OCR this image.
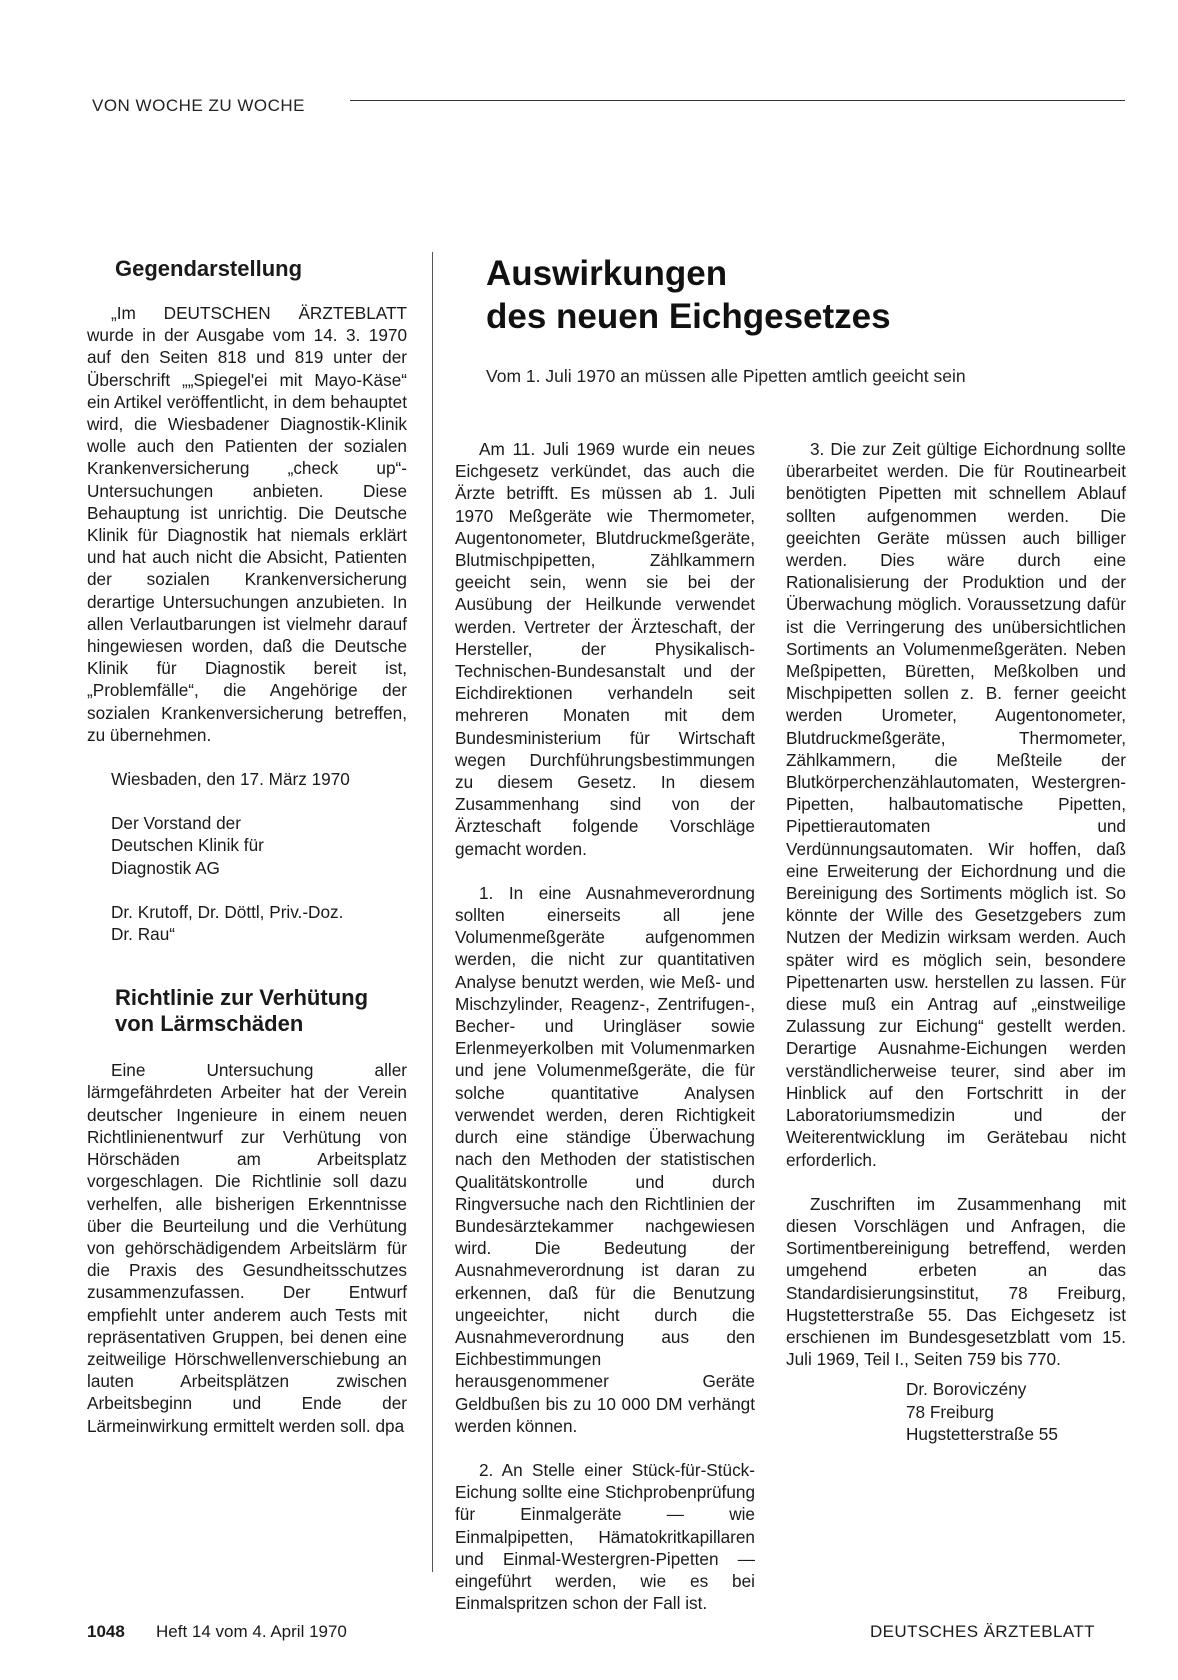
VON WOCHE ZU WOCHE
Gegendarstellung

„Im DEUTSCHEN ÄRZTEBLATT wurde in der Ausgabe vom 14. 3. 1970 auf den Seiten 818 und 819 unter der Überschrift „„Spiegel'ei mit Mayo-Käse“ ein Artikel veröffentlicht, in dem behauptet wird, die Wiesbadener Diagnostik-Klinik wolle auch den Patienten der sozialen Krankenversicherung „check up“-Untersuchungen anbieten. Diese Behauptung ist unrichtig. Die Deutsche Klinik für Diagnostik hat niemals erklärt und hat auch nicht die Absicht, Patienten der sozialen Krankenversicherung derartige Untersuchungen anzubieten. In allen Verlautbarungen ist vielmehr darauf hingewiesen worden, daß die Deutsche Klinik für Diagnostik bereit ist, „Problemfälle“, die Angehörige der sozialen Krankenversicherung betreffen, zu übernehmen.

Wiesbaden, den 17. März 1970

Der Vorstand der

Deutschen Klinik für

Diagnostik AG

Dr. Krutoff, Dr. Döttl, Priv.-Doz.

Dr. Rau“

Richtlinie zur Verhütung
von Lärmschäden

Eine Untersuchung aller lärmgefährdeten Arbeiter hat der Verein deutscher Ingenieure in einem neuen Richtlinienentwurf zur Verhütung von Hörschäden am Arbeitsplatz vorgeschlagen. Die Richtlinie soll dazu verhelfen, alle bisherigen Erkenntnisse über die Beurteilung und die Verhütung von gehörschädigendem Arbeitslärm für die Praxis des Gesundheitsschutzes zusammenzufassen. Der Entwurf empfiehlt unter anderem auch Tests mit repräsentativen Gruppen, bei denen eine zeitweilige Hörschwellenverschiebung an lauten Arbeitsplätzen zwischen Arbeitsbeginn und Ende der Lärmeinwirkung ermittelt werden soll. dpa

Auswirkungen
des neuen Eichgesetzes
Vom 1. Juli 1970 an müssen alle Pipetten amtlich geeicht sein

Am 11. Juli 1969 wurde ein neues Eichgesetz verkündet, das auch die Ärzte betrifft. Es müssen ab 1. Juli 1970 Meßgeräte wie Thermometer, Augentonometer, Blutdruckmeßgeräte, Blutmischpipetten, Zählkammern geeicht sein, wenn sie bei der Ausübung der Heilkunde verwendet werden. Vertreter der Ärzteschaft, der Hersteller, der Physikalisch-Technischen-Bundesanstalt und der Eichdirektionen verhandeln seit mehreren Monaten mit dem Bundesministerium für Wirtschaft wegen Durchführungsbestimmungen zu diesem Gesetz. In diesem Zusammenhang sind von der Ärzteschaft folgende Vorschläge gemacht worden.

1. In eine Ausnahmeverordnung sollten einerseits all jene Volumenmeßgeräte aufgenommen werden, die nicht zur quantitativen Analyse benutzt werden, wie Meß- und Mischzylinder, Reagenz-, Zentrifugen-, Becher- und Uringläser sowie Erlenmeyerkolben mit Volumenmarken und jene Volumenmeßgeräte, die für solche quantitative Analysen verwendet werden, deren Richtigkeit durch eine ständige Überwachung nach den Methoden der statistischen Qualitätskontrolle und durch Ringversuche nach den Richtlinien der Bundesärztekammer nachgewiesen wird. Die Bedeutung der Ausnahmeverordnung ist daran zu erkennen, daß für die Benutzung ungeeichter, nicht durch die Ausnahmeverordnung aus den Eichbestimmungen herausgenommener Geräte Geldbußen bis zu 10 000 DM verhängt werden können.

2. An Stelle einer Stück-für-Stück-Eichung sollte eine Stichprobenprüfung für Einmalgeräte — wie Einmalpipetten, Hämatokritkapillaren und Einmal-Westergren-Pipetten — eingeführt werden, wie es bei Einmalspritzen schon der Fall ist.

3. Die zur Zeit gültige Eichordnung sollte überarbeitet werden. Die für Routinearbeit benötigten Pipetten mit schnellem Ablauf sollten aufgenommen werden. Die geeichten Geräte müssen auch billiger werden. Dies wäre durch eine Rationalisierung der Produktion und der Überwachung möglich. Voraussetzung dafür ist die Verringerung des unübersichtlichen Sortiments an Volumenmeßgeräten. Neben Meßpipetten, Büretten, Meßkolben und Mischpipetten sollen z. B. ferner geeicht werden Urometer, Augentonometer, Blutdruckmeßgeräte, Thermometer, Zählkammern, die Meßteile der Blutkörperchenzählautomaten, Westergren-Pipetten, halbautomatische Pipetten, Pipettierautomaten und Verdünnungsautomaten. Wir hoffen, daß eine Erweiterung der Eichordnung und die Bereinigung des Sortiments möglich ist. So könnte der Wille des Gesetzgebers zum Nutzen der Medizin wirksam werden. Auch später wird es möglich sein, besondere Pipettenarten usw. herstellen zu lassen. Für diese muß ein Antrag auf „einstweilige Zulassung zur Eichung“ gestellt werden. Derartige Ausnahme-Eichungen werden verständlicherweise teurer, sind aber im Hinblick auf den Fortschritt in der Laboratoriumsmedizin und der Weiterentwicklung im Gerätebau nicht erforderlich.

Zuschriften im Zusammenhang mit diesen Vorschlägen und Anfragen, die Sortimentbereinigung betreffend, werden umgehend erbeten an das Standardisierungsinstitut, 78 Freiburg, Hugstetterstraße 55. Das Eichgesetz ist erschienen im Bundesgesetzblatt vom 15. Juli 1969, Teil I., Seiten 759 bis 770.

Dr. Boroviczény

78 Freiburg

Hugstetterstraße 55

1048 Heft 14 vom 4. April 1970	DEUTSCHES ÄRZTEBLATT
